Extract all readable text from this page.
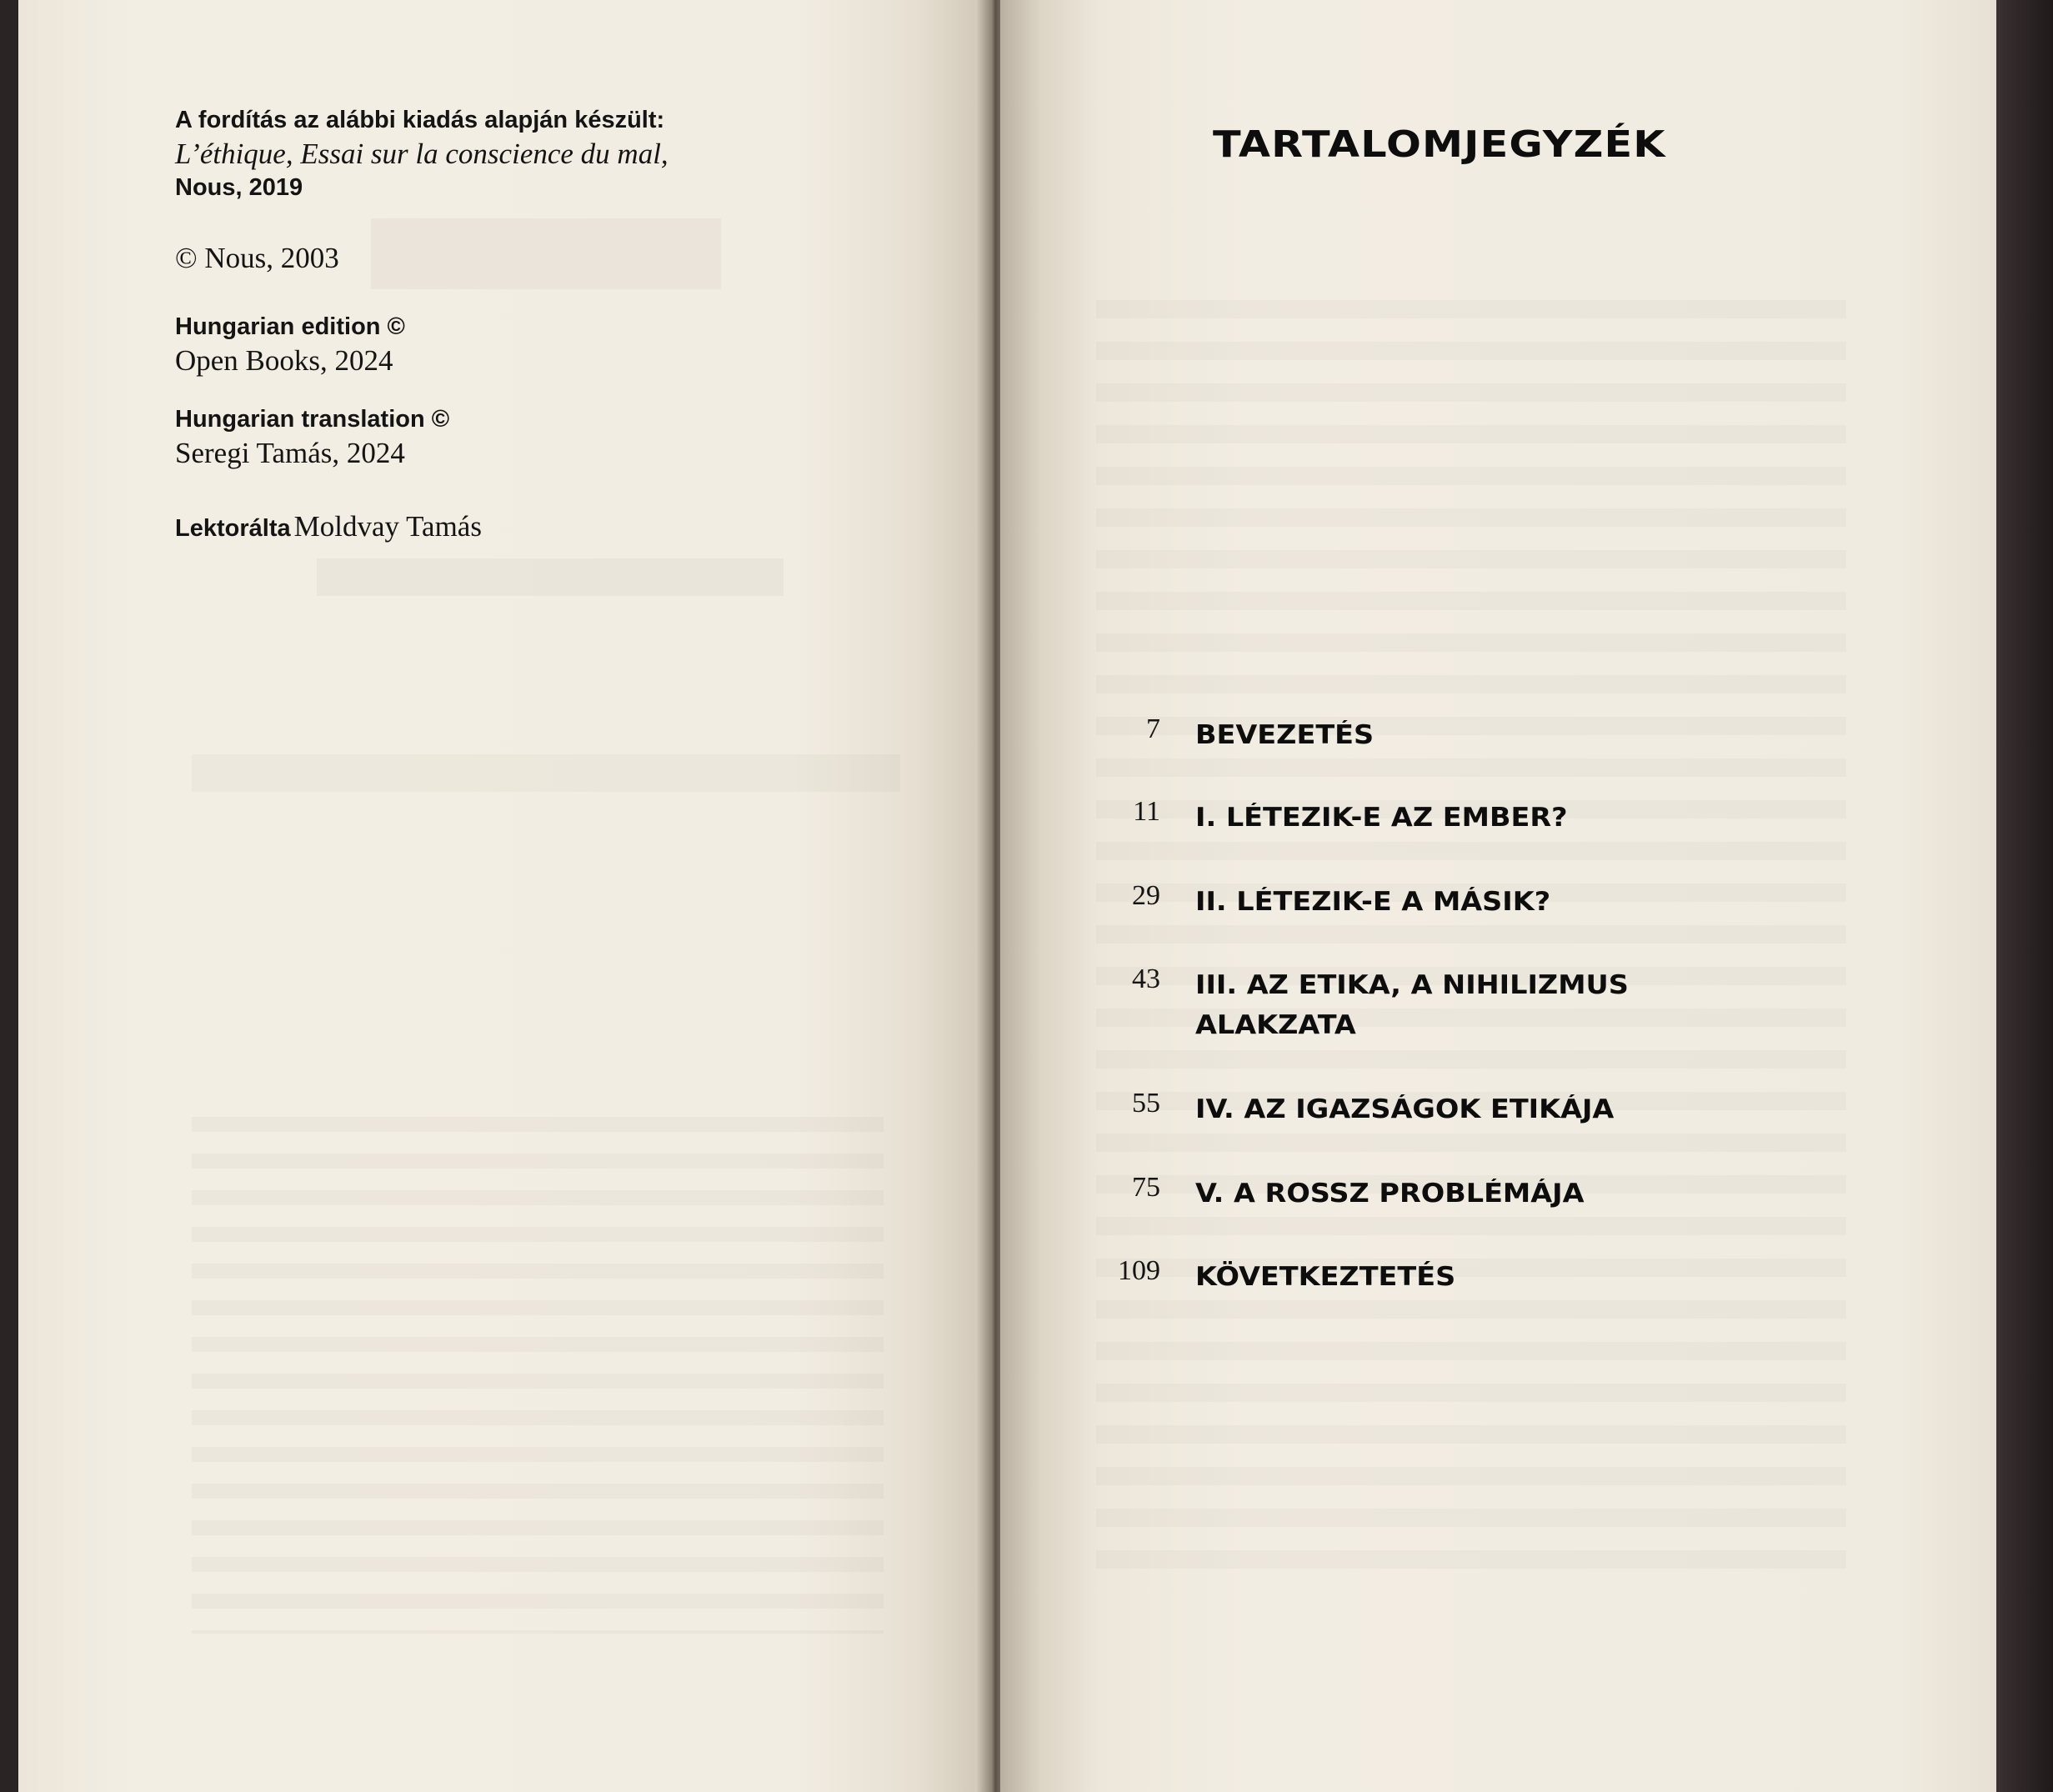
A fordítás az alábbi kiadás alapján készült:
L’éthique, Essai sur la conscience du mal,
Nous, 2019
© Nous, 2003
Hungarian edition ©
Open Books, 2024
Hungarian translation ©
Seregi Tamás, 2024
Lektorálta Moldvay Tamás
TARTALOMJEGYZÉK
7 BEVEZETÉS
11 I. LÉTEZIK-E AZ EMBER?
29 II. LÉTEZIK-E A MÁSIK?
43 III. AZ ETIKA, A NIHILIZMUS
ALAKZATA
55 IV. AZ IGAZSÁGOK ETIKÁJA
75 V. A ROSSZ PROBLÉMÁJA
109 KÖVETKEZTETÉS
